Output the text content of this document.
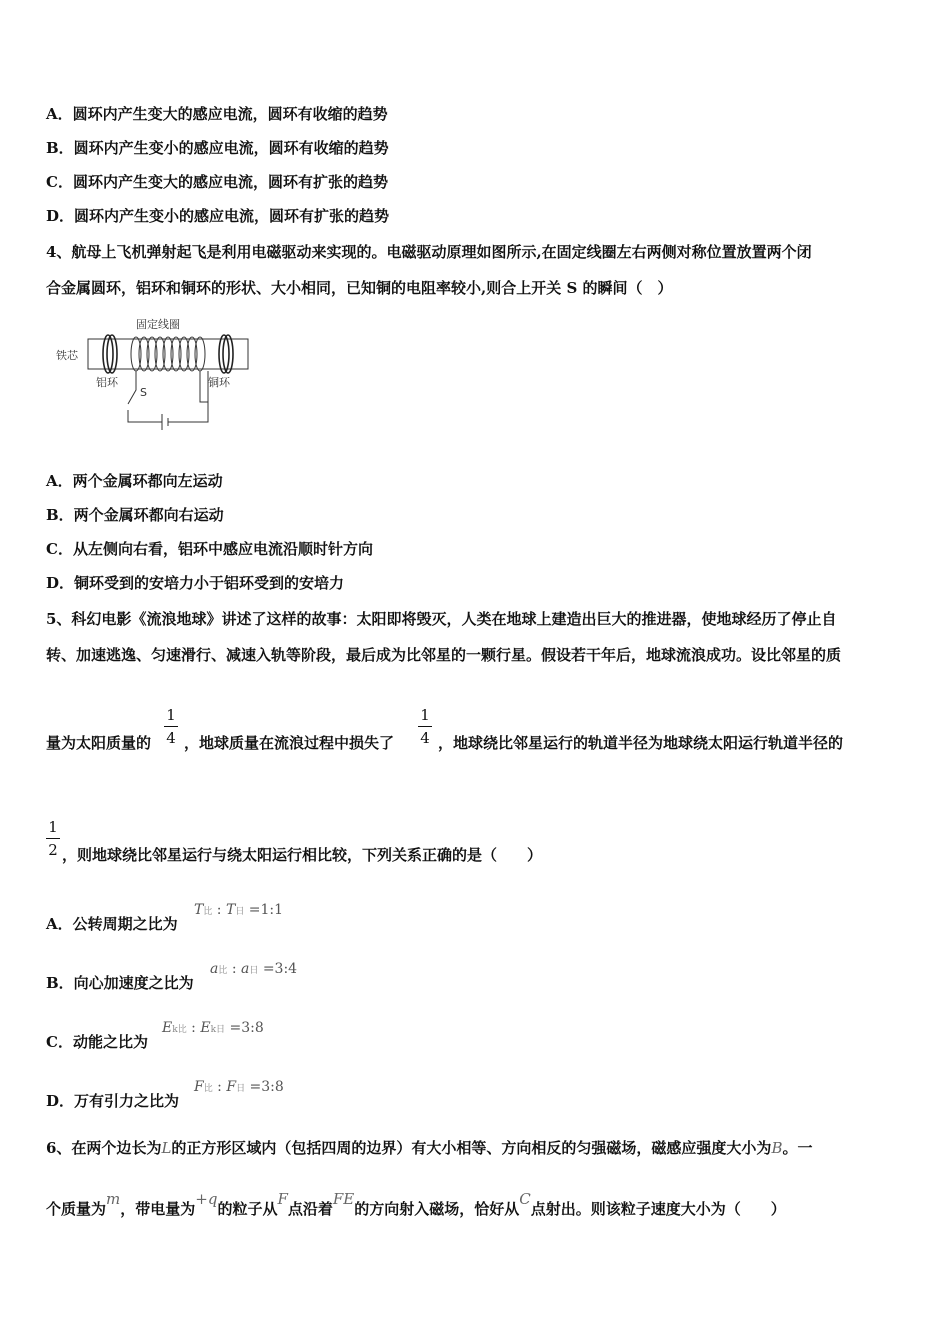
A．圆环内产生变大的感应电流，圆环有收缩的趋势
B．圆环内产生变小的感应电流，圆环有收缩的趋势
C．圆环内产生变大的感应电流，圆环有扩张的趋势
D．圆环内产生变小的感应电流，圆环有扩张的趋势
4、航母上飞机弹射起飞是利用电磁驱动来实现的。电磁驱动原理如图所示,在固定线圈左右两侧对称位置放置两个闭
合金属圆环，铝环和铜环的形状、大小相同，已知铜的电阻率较小,则合上开关 S 的瞬间（　）
铁芯
固定线圈
铝环	铜环
S
A．两个金属环都向左运动
B．两个金属环都向右运动
C．从左侧向右看，铝环中感应电流沿顺时针方向
D．铜环受到的安培力小于铝环受到的安培力
5、科幻电影《流浪地球》讲述了这样的故事：太阳即将毁灭，人类在地球上建造出巨大的推进器，使地球经历了停止自
转、加速逃逸、匀速滑行、减速入轨等阶段，最后成为比邻星的一颗行星。假设若干年后，地球流浪成功。设比邻星的质
量为太阳质量的
1
4 ，地球质量在流浪过程中损失了
1
4 ，地球绕比邻星运行的轨道半径为地球绕太阳运行轨道半径的
1
2 ，则地球绕比邻星运行与绕太阳运行相比较，下列关系正确的是（　　）
A．公转周期之比为
T比 : T日 =1:1
B．向心加速度之比为
a比 : a日 =3:4
C．动能之比为
Ek比 : Ek日 =3:8
D．万有引力之比为
F比 : F日 =3:8
6、在两个边长为L的正方形区域内（包括四周的边界）有大小相等、方向相反的匀强磁场，磁感应强度大小为B。一
个质量为m，带电量为+q的粒子从F点沿着FE的方向射入磁场，恰好从C点射出。则该粒子速度大小为（　　）
